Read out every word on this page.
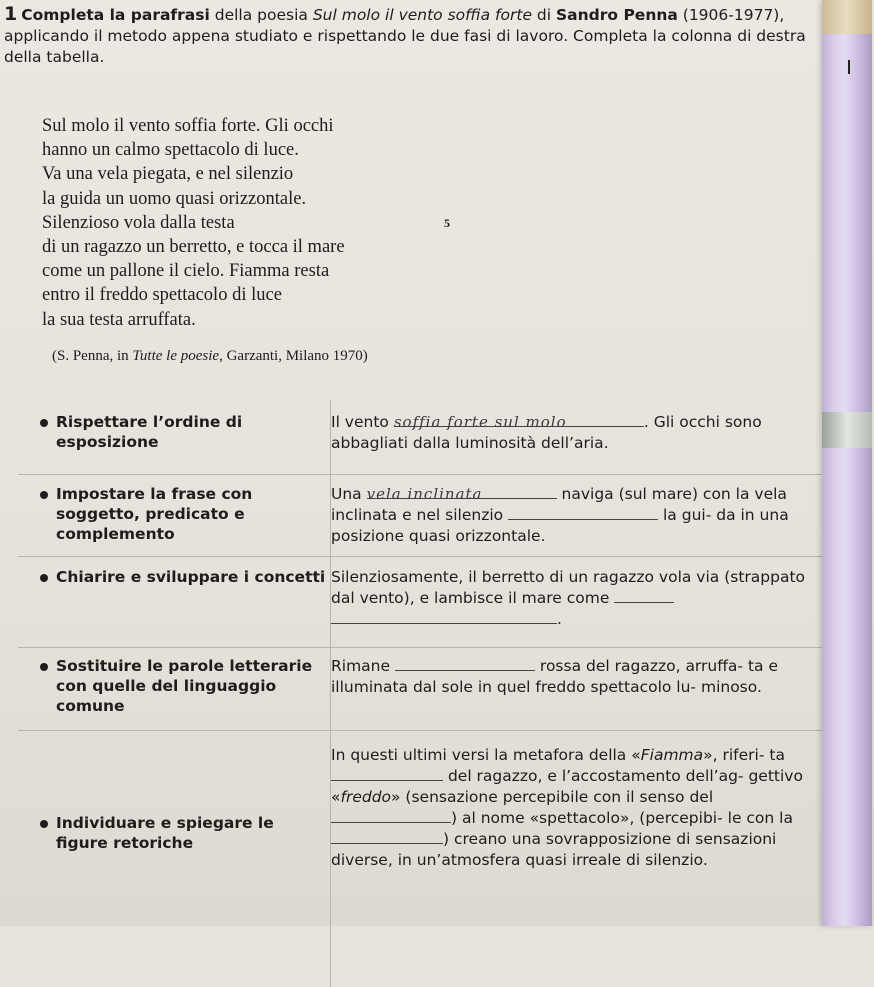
1 Completa la parafrasi della poesia Sul molo il vento soffia forte di Sandro Penna (1906-1977), applicando il metodo appena studiato e rispettando le due fasi di lavoro. Completa la colonna di destra della tabella.
Sul molo il vento soffia forte. Gli occhi
hanno un calmo spettacolo di luce.
Va una vela piegata, e nel silenzio
la guida un uomo quasi orizzontale.
Silenzioso vola dalla testa	5
di un ragazzo un berretto, e tocca il mare
come un pallone il cielo. Fiamma resta
entro il freddo spettacolo di luce
la sua testa arruffata.
(S. Penna, in Tutte le poesie, Garzanti, Milano 1970)
Rispettare l’ordine di esposizione	Il vento soffia forte sul molo . Gli occhi sono abbagliati dalla luminosità dell’aria.

Impostare la frase con soggetto, predicato e complemento	Una vela inclinata naviga (sul mare) con la vela inclinata e nel silenzio la gui- da in una posizione quasi orizzontale.

Chiarire e sviluppare i concetti	Silenziosamente, il berretto di un ragazzo vola via (strappato dal vento), e lambisce il mare come  .

Sostituire le parole letterarie con quelle del linguaggio comune	Rimane rossa del ragazzo, arruffa- ta e illuminata dal sole in quel freddo spettacolo lu- minoso.

Individuare e spiegare le figure retoriche	In questi ultimi versi la metafora della «Fiamma», riferi- ta  del ragazzo, e l’accostamento dell’ag- gettivo «freddo» (sensazione percepibile con il senso del ) al nome «spettacolo», (percepibi- le con la ) creano una sovrapposizione di sensazioni diverse, in un’atmosfera quasi irreale di silenzio.
